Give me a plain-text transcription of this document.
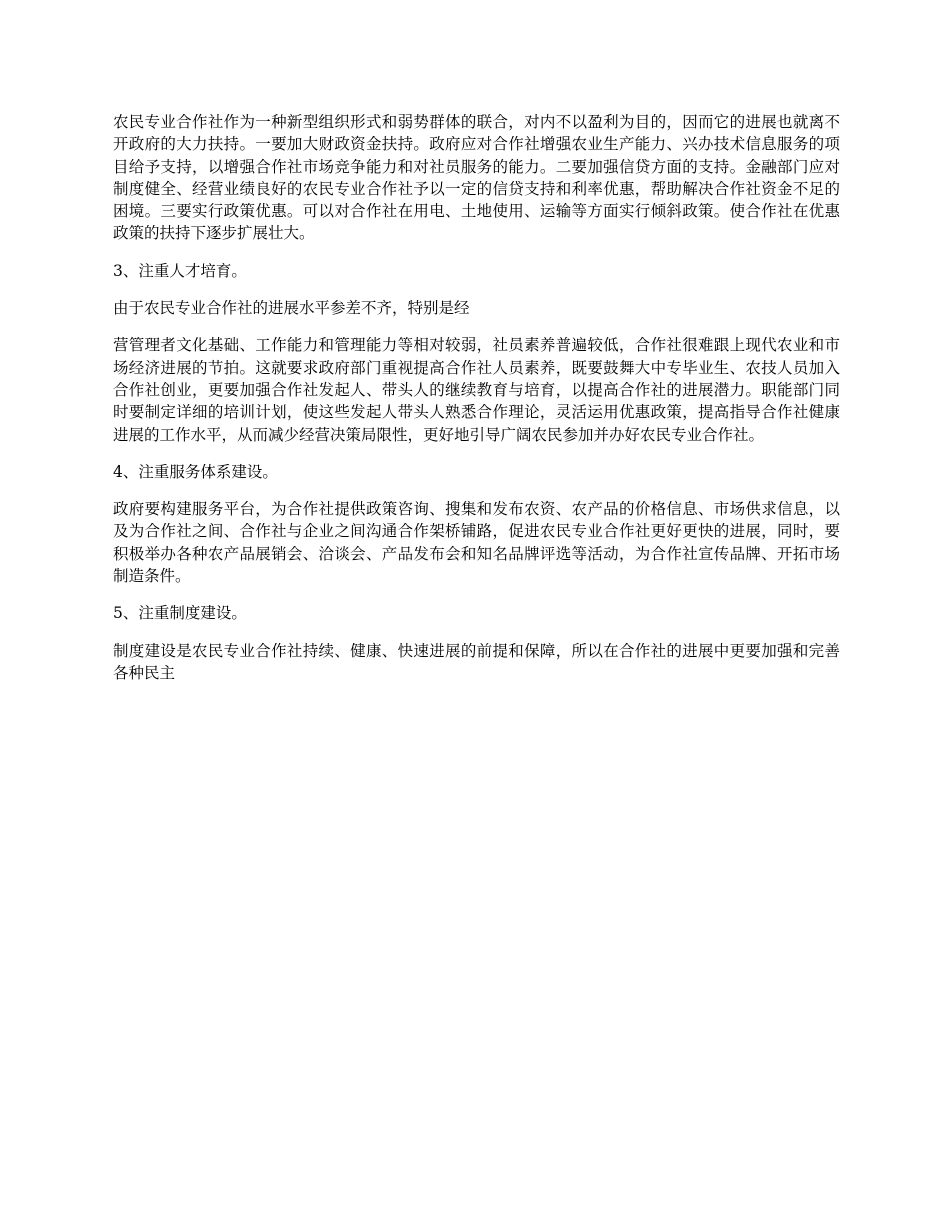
农民专业合作社作为一种新型组织形式和弱势群体的联合，对内不以盈利为目的，因而它的进展也就离不开政府的大力扶持。一要加大财政资金扶持。政府应对合作社增强农业生产能力、兴办技术信息服务的项目给予支持，以增强合作社市场竞争能力和对社员服务的能力。二要加强信贷方面的支持。金融部门应对制度健全、经营业绩良好的农民专业合作社予以一定的信贷支持和利率优惠，帮助解决合作社资金不足的困境。三要实行政策优惠。可以对合作社在用电、土地使用、运输等方面实行倾斜政策。使合作社在优惠政策的扶持下逐步扩展壮大。

3、注重人才培育。

由于农民专业合作社的进展水平参差不齐，特别是经

营管理者文化基础、工作能力和管理能力等相对较弱，社员素养普遍较低，合作社很难跟上现代农业和市场经济进展的节拍。这就要求政府部门重视提高合作社人员素养，既要鼓舞大中专毕业生、农技人员加入合作社创业，更要加强合作社发起人、带头人的继续教育与培育，以提高合作社的进展潜力。职能部门同时要制定详细的培训计划，使这些发起人带头人熟悉合作理论，灵活运用优惠政策，提高指导合作社健康进展的工作水平，从而减少经营决策局限性，更好地引导广阔农民参加并办好农民专业合作社。

4、注重服务体系建设。

政府要构建服务平台，为合作社提供政策咨询、搜集和发布农资、农产品的价格信息、市场供求信息，以及为合作社之间、合作社与企业之间沟通合作架桥铺路，促进农民专业合作社更好更快的进展，同时，要积极举办各种农产品展销会、洽谈会、产品发布会和知名品牌评选等活动，为合作社宣传品牌、开拓市场制造条件。

5、注重制度建设。

制度建设是农民专业合作社持续、健康、快速进展的前提和保障，所以在合作社的进展中更要加强和完善各种民主
